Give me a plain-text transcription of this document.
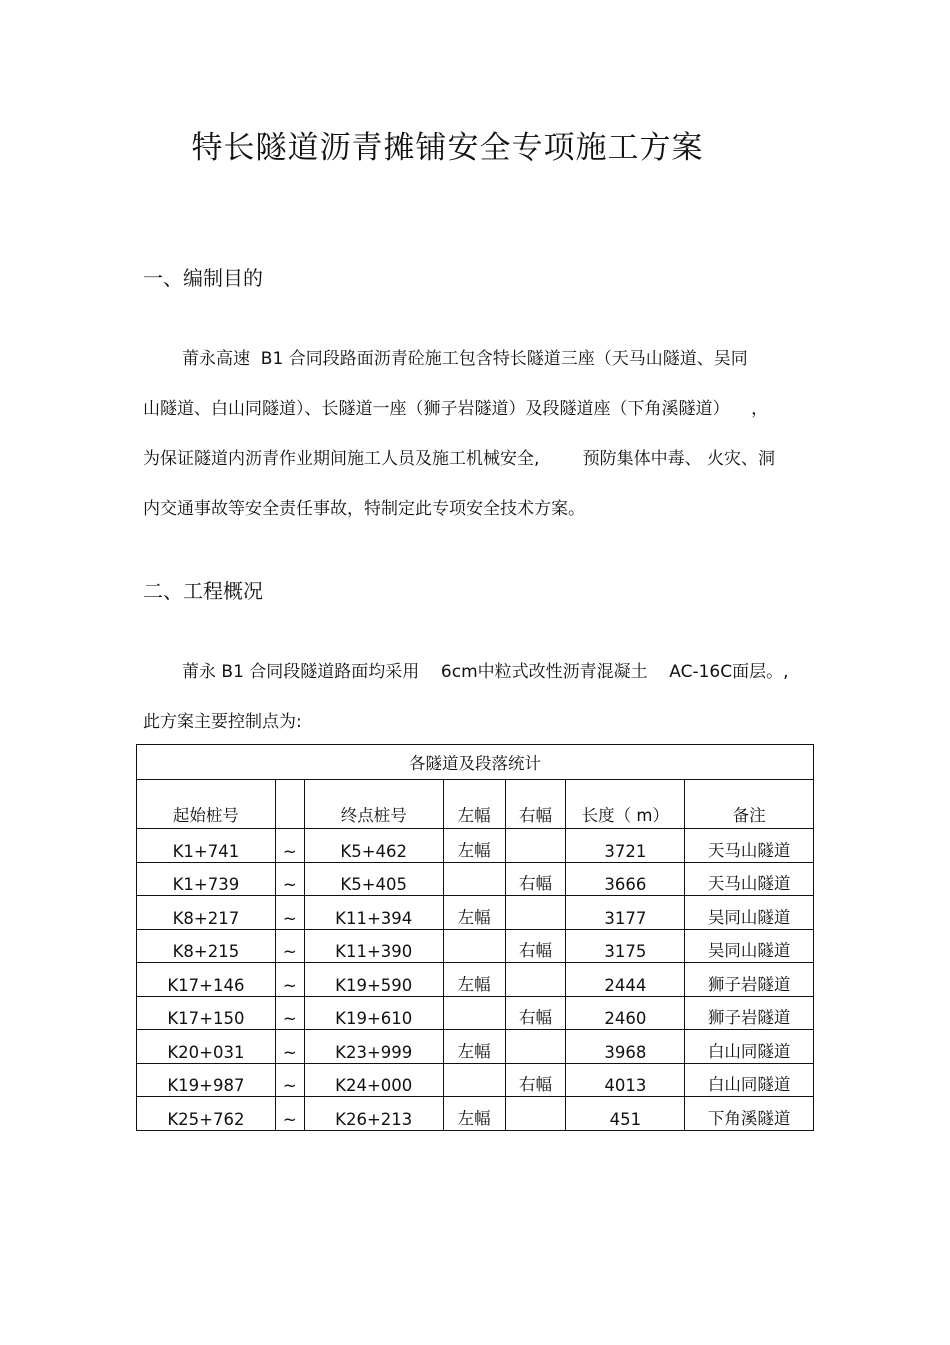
特长隧道沥青摊铺安全专项施工方案
一、编制目的

莆永高速  B1 合同段路面沥青砼施工包含特长隧道三座（天马山隧道、吴同

山隧道、白山同隧道）、长隧道一座（狮子岩隧道）及段隧道座（下角溪隧道）    ，

为保证隧道内沥青作业期间施工人员及施工机械安全,        预防集体中毒、 火灾、洞

内交通事故等安全责任事故，特制定此专项安全技术方案。

二、工程概况

莆永 B1 合同段隧道路面均采用    6cm中粒式改性沥青混凝土    AC-16C面层。,

此方案主要控制点为:

各隧道及段落统计						
起始桩号		终点桩号	左幅	右幅	长度（ m）	备注
K1+741	~	K5+462	左幅		3721	天马山隧道
K1+739	~	K5+405		右幅	3666	天马山隧道
K8+217	~	K11+394	左幅		3177	吴同山隧道
K8+215	~	K11+390		右幅	3175	吴同山隧道
K17+146	~	K19+590	左幅		2444	狮子岩隧道
K17+150	~	K19+610		右幅	2460	狮子岩隧道
K20+031	~	K23+999	左幅		3968	白山同隧道
K19+987	~	K24+000		右幅	4013	白山同隧道
K25+762	~	K26+213	左幅		451	下角溪隧道
